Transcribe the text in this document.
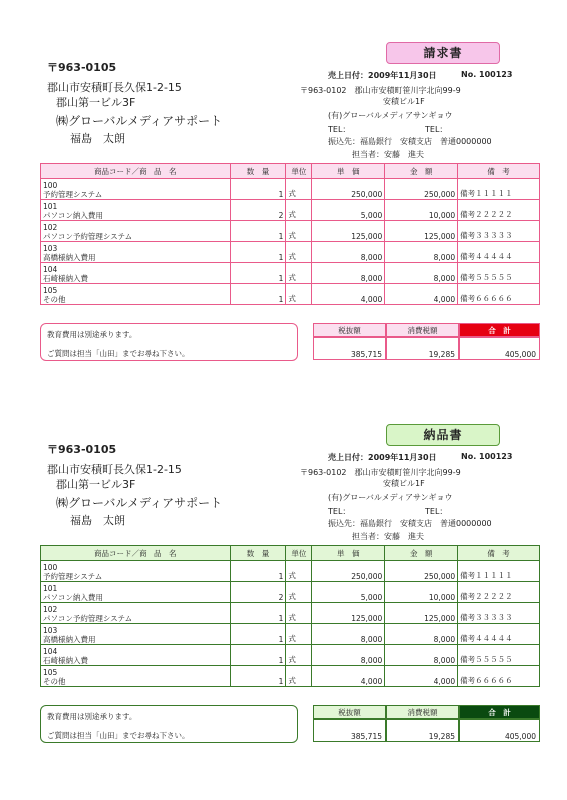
請求書
〒963-0105
郡山市安積町長久保1-2-15
郡山第一ビル3F
㈱グローバルメディアサポート
福島　太朗
売上日付：2009年11月30日	No. 100123
〒963-0102　郡山市安積町笹川字北向99-9
安積ビル1F
(有)グローバルメディアサンギョウ
TEL：	TEL：
振込先：福島銀行　安積支店　普通0000000
担当者：安藤　進夫
商品コード／商　品　名	数　量	単位	単　価	金　額	備　考

100
予約管理システム	1	式	250,000	250,000	備考１１１１１

101
パソコン納入費用	2	式	5,000	10,000	備考２２２２２

102
パソコン予約管理システム	1	式	125,000	125,000	備考３３３３３

103
高橋様納入費用	1	式	8,000	8,000	備考４４４４４

104
石崎様納入費	1	式	8,000	8,000	備考５５５５５

105
その他	1	式	4,000	4,000	備考６６６６６
教育費用は別途承ります。
ご質問は担当「山田」までお尋ね下さい。
税抜額
385,715
消費税額
19,285
合　計
405,000
納品書
〒963-0105
郡山市安積町長久保1-2-15
郡山第一ビル3F
㈱グローバルメディアサポート
福島　太朗
売上日付：2009年11月30日	No. 100123
〒963-0102　郡山市安積町笹川字北向99-9
安積ビル1F
(有)グローバルメディアサンギョウ
TEL：	TEL：
振込先：福島銀行　安積支店　普通0000000
担当者：安藤　進夫
商品コード／商　品　名	数　量	単位	単　価	金　額	備　考

100
予約管理システム	1	式	250,000	250,000	備考１１１１１

101
パソコン納入費用	2	式	5,000	10,000	備考２２２２２

102
パソコン予約管理システム	1	式	125,000	125,000	備考３３３３３

103
高橋様納入費用	1	式	8,000	8,000	備考４４４４４

104
石崎様納入費	1	式	8,000	8,000	備考５５５５５

105
その他	1	式	4,000	4,000	備考６６６６６
教育費用は別途承ります。
ご質問は担当「山田」までお尋ね下さい。
税抜額
385,715
消費税額
19,285
合　計
405,000
